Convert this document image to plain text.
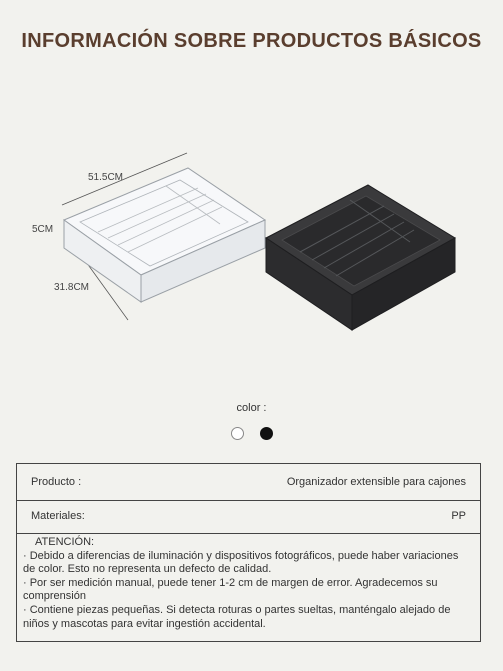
INFORMACIÓN SOBRE PRODUCTOS BÁSICOS
51.5CM
5CM
31.8CM
color :
Producto :	Organizador extensible para cajones
Materiales:	PP

ATENCIÓN:

· Debido a diferencias de iluminación y dispositivos fotográficos, puede haber variaciones de color. Esto no representa un defecto de calidad.

· Por ser medición manual, puede tener 1-2 cm de margen de error. Agradecemos su comprensión

· Contiene piezas pequeñas. Si detecta roturas o partes sueltas, manténgalo alejado de niños y mascotas para evitar ingestión accidental.
